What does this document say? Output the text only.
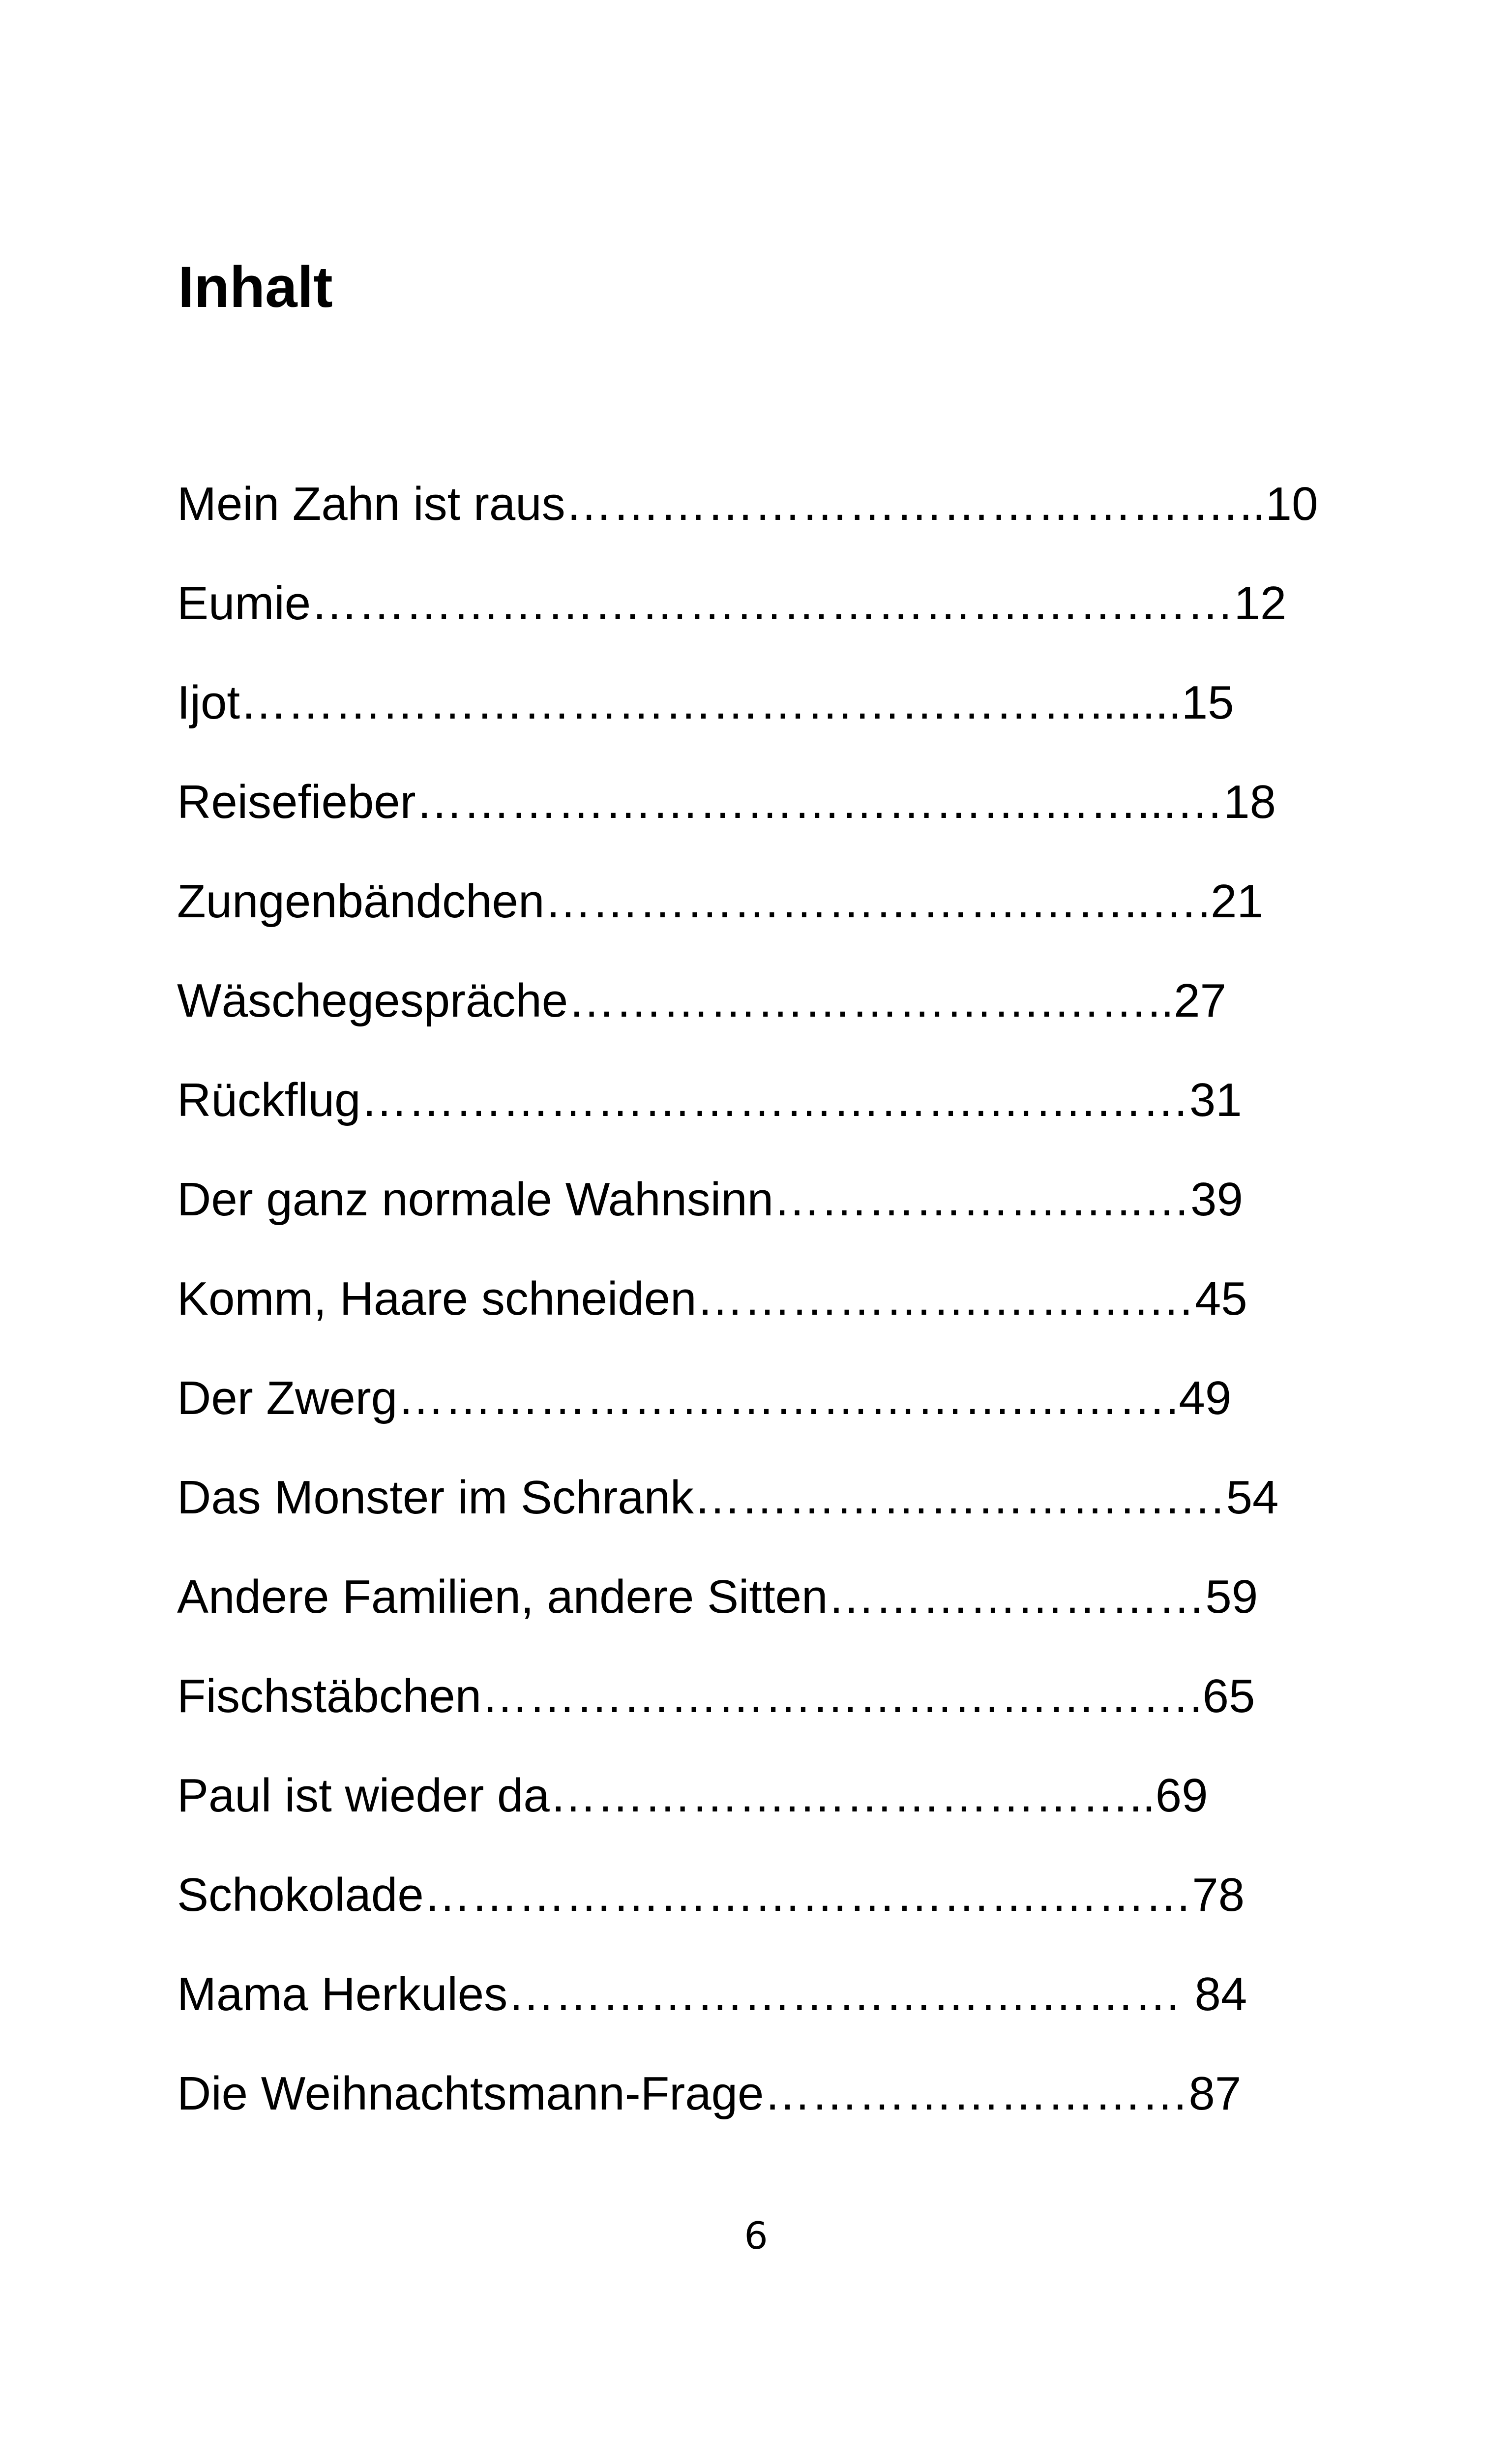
Inhalt
Mein Zahn ist raus………………………………….…..10
Eumie……………………………………….…….……12
Ijot……………………………………………….......15
Reisefieber………………………………….……...…18
Zungenbändchen………………………….……..….21
Wäschegespräche………………………….……..27
Rückflug………………………………….…….……31
Der ganz normale Wahnsinn……………….…..…39
Komm, Haare schneiden……………….……….…45
Der Zwerg………………………………….……….49
Das Monster im Schrank………………………….…54
Andere Familien, andere Sitten……………………59
Fischstäbchen……………………………………….65
Paul ist wieder da…………….…………………..69
Schokolade………………………………….………78
Mama Herkules…………………………….……… 84
Die Weihnachtsmann-Frage………………………87
6
